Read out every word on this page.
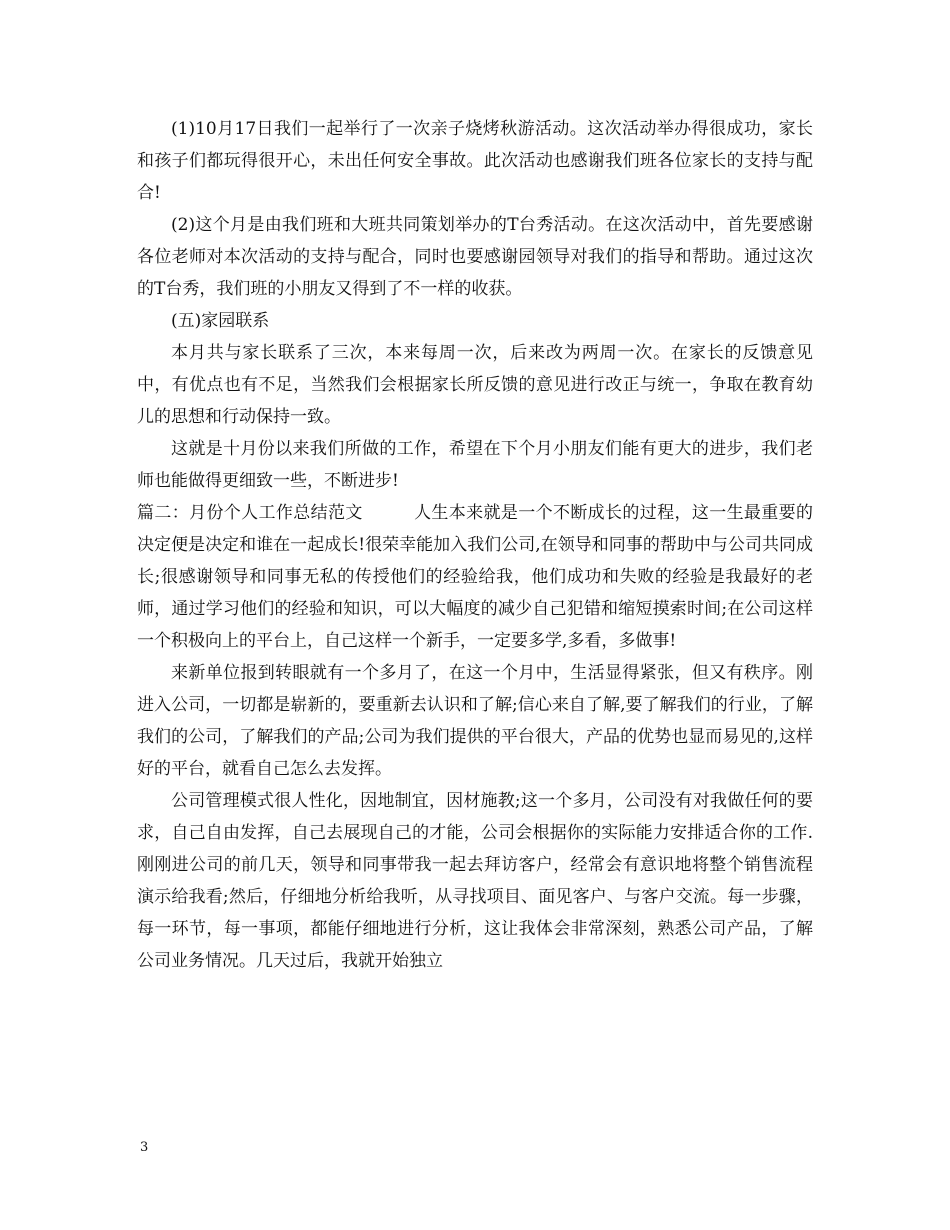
(1)10月17日我们一起举行了一次亲子烧烤秋游活动。这次活动举办得很成功，家长和孩子们都玩得很开心，未出任何安全事故。此次活动也感谢我们班各位家长的支持与配合!

(2)这个月是由我们班和大班共同策划举办的T台秀活动。在这次活动中，首先要感谢各位老师对本次活动的支持与配合，同时也要感谢园领导对我们的指导和帮助。通过这次的T台秀，我们班的小朋友又得到了不一样的收获。

(五)家园联系

本月共与家长联系了三次，本来每周一次，后来改为两周一次。在家长的反馈意见中，有优点也有不足，当然我们会根据家长所反馈的意见进行改正与统一，争取在教育幼儿的思想和行动保持一致。

这就是十月份以来我们所做的工作，希望在下个月小朋友们能有更大的进步，我们老师也能做得更细致一些，不断进步!

篇二：月份个人工作总结范文	人生本来就是一个不断成长的过程，这一生最重要的决定便是决定和谁在一起成长!很荣幸能加入我们公司,在领导和同事的帮助中与公司共同成长;很感谢领导和同事无私的传授他们的经验给我，他们成功和失败的经验是我最好的老师，通过学习他们的经验和知识，可以大幅度的减少自己犯错和缩短摸索时间;在公司这样一个积极向上的平台上，自己这样一个新手，一定要多学,多看，多做事!

来新单位报到转眼就有一个多月了，在这一个月中，生活显得紧张，但又有秩序。刚进入公司，一切都是崭新的，要重新去认识和了解;信心来自了解,要了解我们的行业，了解我们的公司，了解我们的产品;公司为我们提供的平台很大，产品的优势也显而易见的,这样好的平台，就看自己怎么去发挥。

公司管理模式很人性化，因地制宜，因材施教;这一个多月，公司没有对我做任何的要求，自己自由发挥，自己去展现自己的才能，公司会根据你的实际能力安排适合你的工作.刚刚进公司的前几天，领导和同事带我一起去拜访客户，经常会有意识地将整个销售流程演示给我看;然后，仔细地分析给我听，从寻找项目、面见客户、与客户交流。每一步骤，每一环节，每一事项，都能仔细地进行分析，这让我体会非常深刻，熟悉公司产品，了解公司业务情况。几天过后，我就开始独立

3
